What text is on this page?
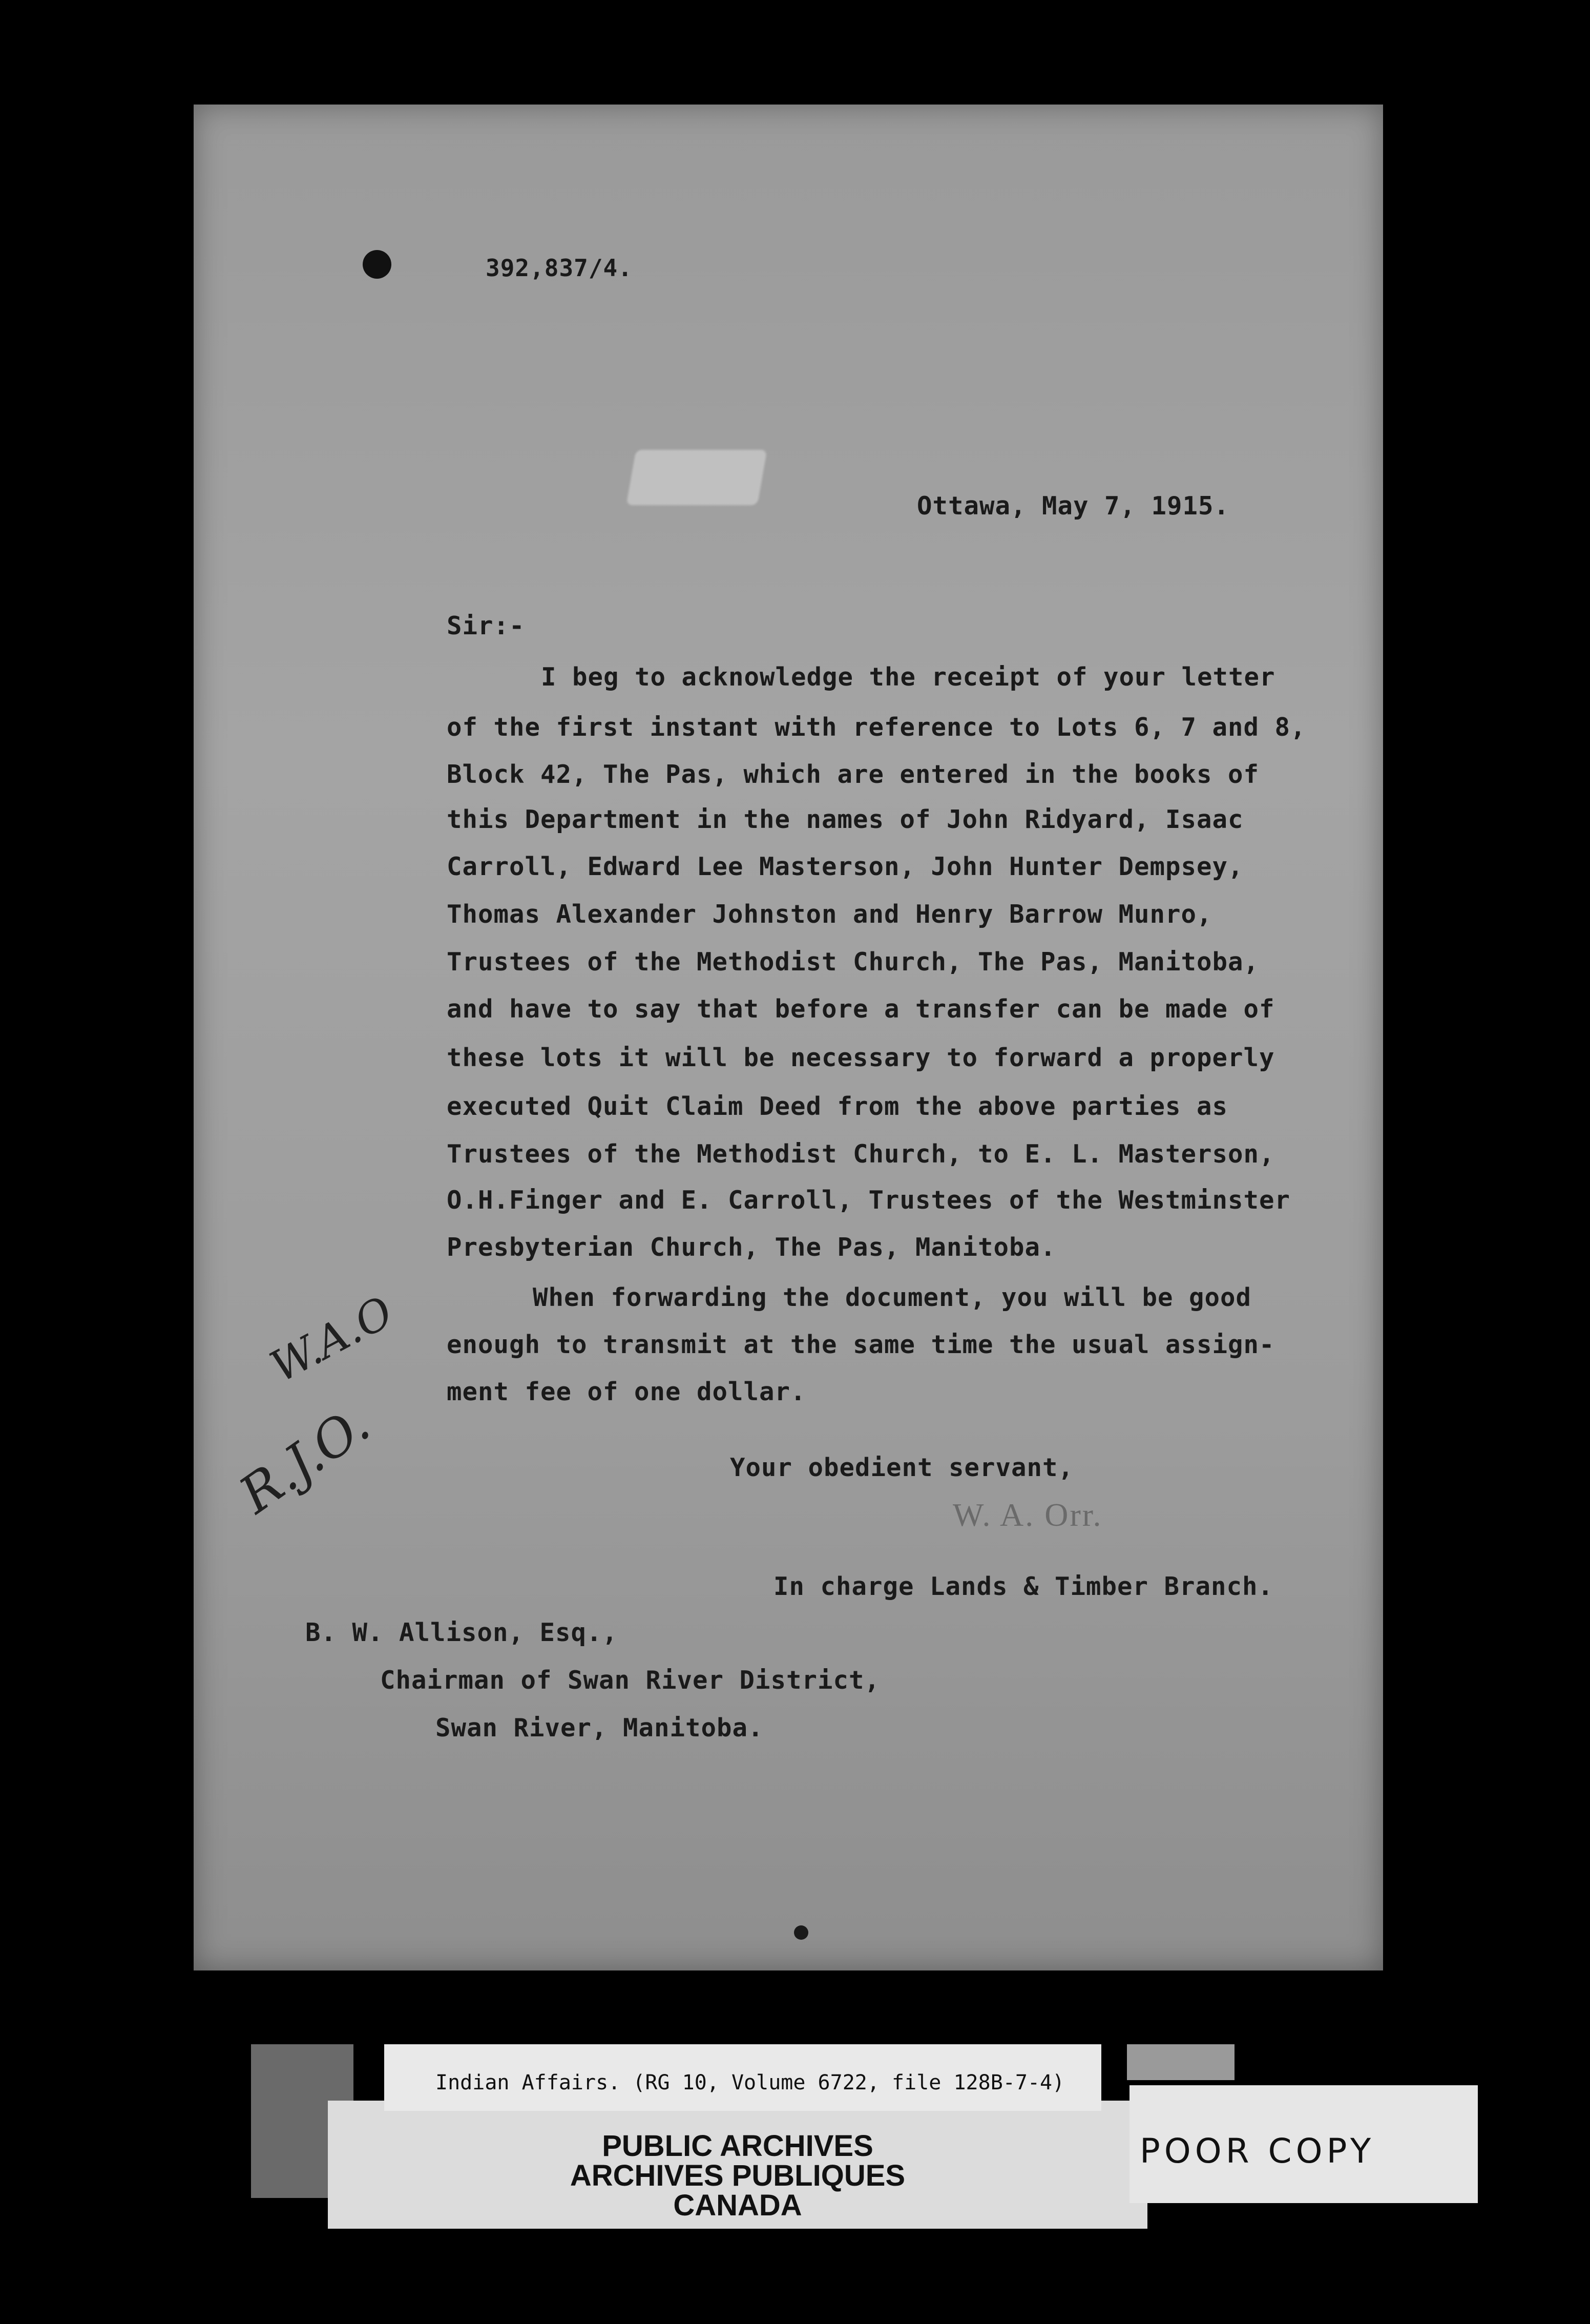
392,837/4.
Ottawa, May 7, 1915.
Sir:-
I beg to acknowledge the receipt of your letter
of the first instant with reference to Lots 6, 7 and 8,
Block 42, The Pas, which are entered in the books of
this Department in the names of John Ridyard, Isaac
Carroll, Edward Lee Masterson, John Hunter Dempsey,
Thomas Alexander Johnston and Henry Barrow Munro,
Trustees of the Methodist Church, The Pas, Manitoba,
and have to say that before a transfer can be made of
these lots it will be necessary to forward a properly
executed Quit Claim Deed from the above parties as
Trustees of the Methodist Church, to E. L. Masterson,
O.H.Finger and E. Carroll, Trustees of the Westminster
Presbyterian Church, The Pas, Manitoba.
When forwarding the document, you will be good
enough to transmit at the same time the usual assign-
ment fee of one dollar.
Your obedient servant,
W. A. Orr.
In charge Lands & Timber Branch.
B. W. Allison, Esq.,
Chairman of Swan River District,
Swan River, Manitoba.
W.A.O
R.J.O.
Indian Affairs. (RG 10, Volume 6722, file 128B-7-4)
PUBLIC ARCHIVES
ARCHIVES PUBLIQUES
CANADA
POOR COPY
